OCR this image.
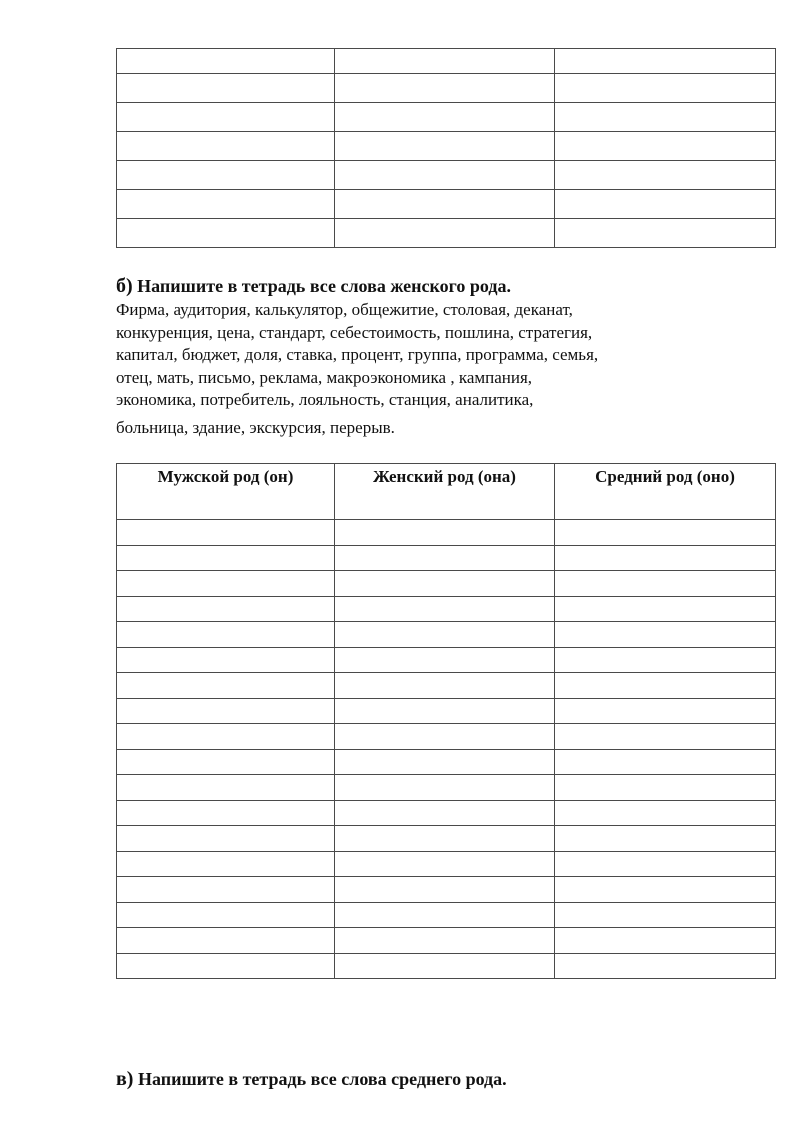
б) Напишите в тетрадь все слова женского рода.

Фирма, аудитория, калькулятор, общежитие, столовая, деканат,
конкуренция, цена, стандарт, себестоимость, пошлина, стратегия,
капитал, бюджет, доля, ставка, процент, группа, программа, семья,
отец, мать, письмо, реклама, макроэкономика , кампания,
экономика, потребитель, лояльность, станция, аналитика,
больница, здание, экскурсия, перерыв.

Мужской род (он)	Женский род (она)	Средний род (оно)

в) Напишите в тетрадь все слова среднего рода.
